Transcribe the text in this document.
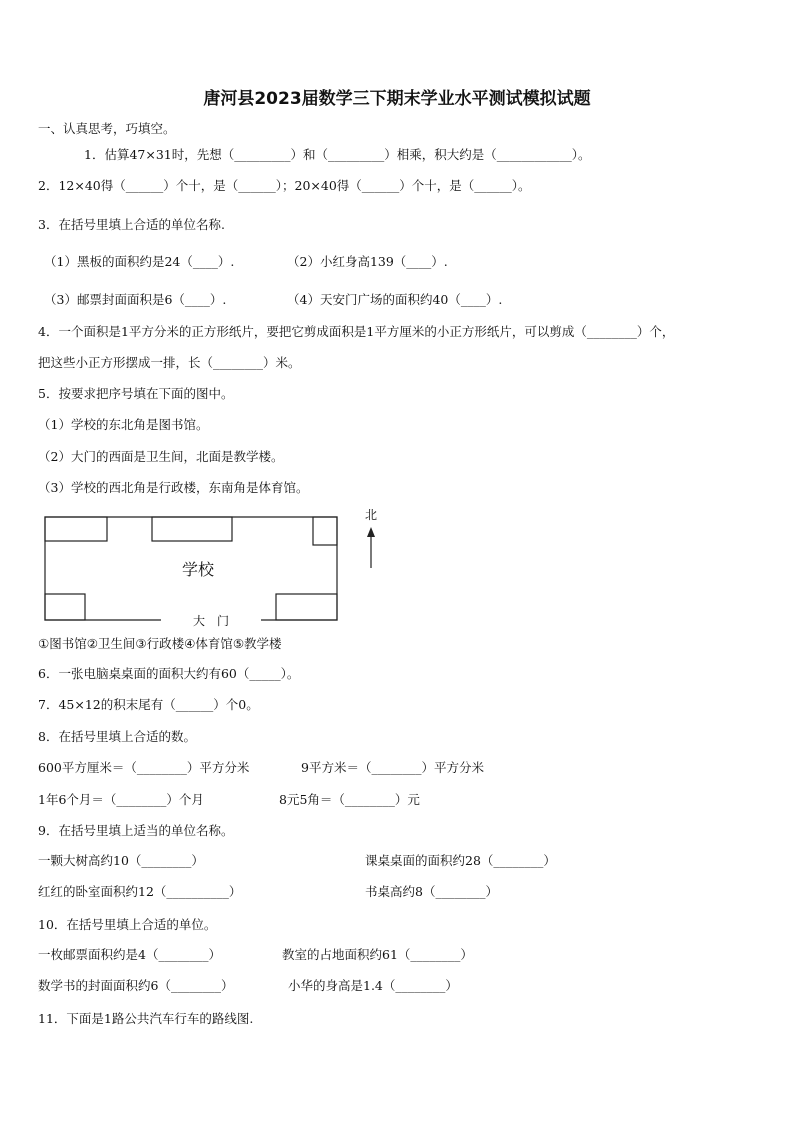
唐河县2023届数学三下期末学业水平测试模拟试题
一、认真思考，巧填空。
1．估算47×31时，先想（_________）和（_________）相乘，积大约是（____________）。
2．12×40得（______）个十，是（______）；20×40得（______）个十，是（______）。
3．在括号里填上合适的单位名称.
（1）黑板的面积约是24（____）.	（2）小红身高139（____）.
（3）邮票封面面积是6（____）.	（4）天安门广场的面积约40（____）.
4．一个面积是1平方分米的正方形纸片，要把它剪成面积是1平方厘米的小正方形纸片，可以剪成（________）个，
把这些小正方形摆成一排，长（________）米。
5．按要求把序号填在下面的图中。
（1）学校的东北角是图书馆。
（2）大门的西面是卫生间，北面是教学楼。
（3）学校的西北角是行政楼，东南角是体育馆。
学校
大　门
北
①图书馆②卫生间③行政楼④体育馆⑤教学楼
6．一张电脑桌桌面的面积大约有60（_____）。
7．45×12的积末尾有（______）个0。
8．在括号里填上合适的数。
600平方厘米＝（________）平方分米	9平方米＝（________）平方分米
1年6个月＝（________）个月	8元5角＝（________）元
9．在括号里填上适当的单位名称。
一颗大树高约10（________）	课桌桌面的面积约28（________）
红红的卧室面积约12（__________）	书桌高约8（________）
10．在括号里填上合适的单位。
一枚邮票面积约是4（________）	教室的占地面积约61（________）
数学书的封面面积约6（________）	小华的身高是1.4（________）
11．下面是1路公共汽车行车的路线图.
